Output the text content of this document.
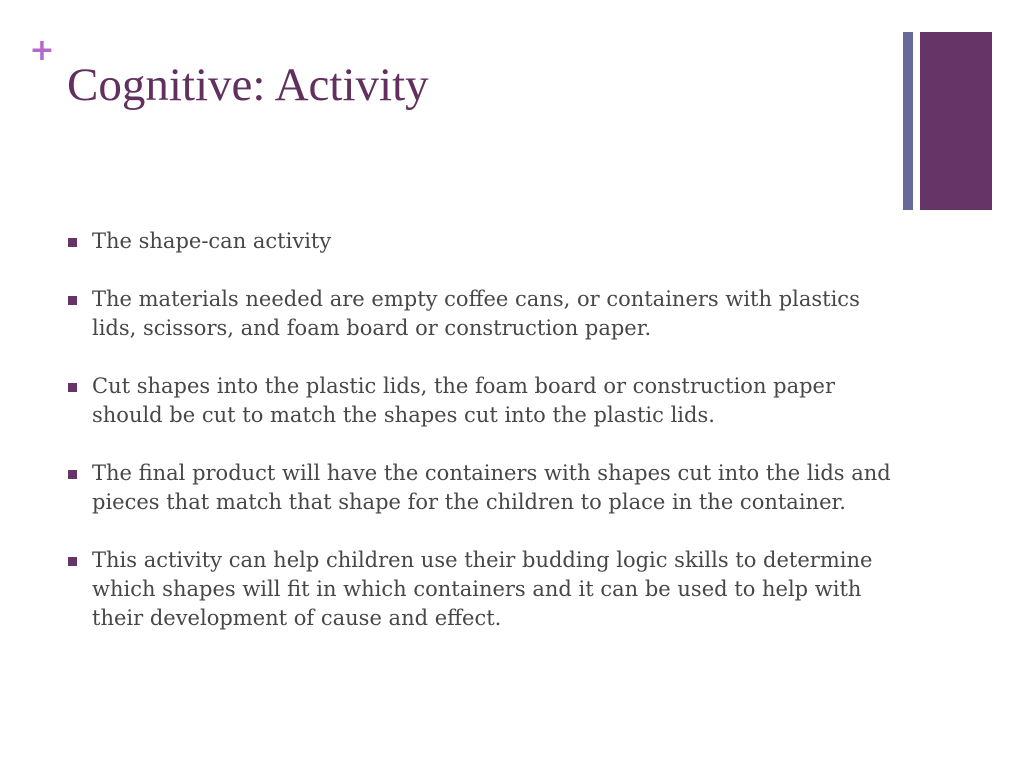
+
Cognitive: Activity
The shape-can activity
The materials needed are empty coffee cans, or containers with plastics lids, scissors, and foam board or construction paper.
Cut shapes into the plastic lids, the foam board or construction paper should be cut to match the shapes cut into the plastic lids.
The final product will have the containers with shapes cut into the lids and pieces that match that shape for the children to place in the container.
This activity can help children use their budding logic skills to determine which shapes will fit in which containers and it can be used to help with their development of cause and effect.
